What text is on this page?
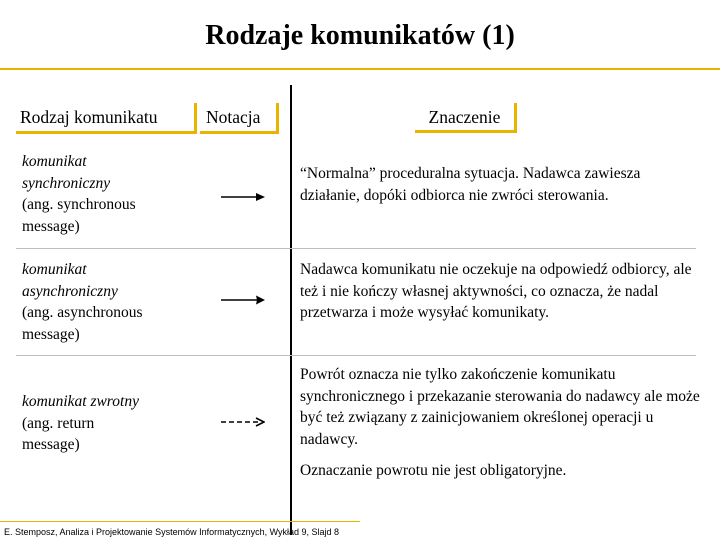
Rodzaje komunikatów (1)
Rodzaj komunikatu	Notacja	Znaczenie
komunikat
synchroniczny
(ang. synchronous
message)
“Normalna” proceduralna sytuacja. Nadawca zawiesza działanie, dopóki odbiorca nie zwróci sterowania.
komunikat
asynchroniczny
(ang. asynchronous
message)
Nadawca komunikatu nie oczekuje na odpowiedź odbiorcy, ale też i nie kończy własnej aktywności, co oznacza, że nadal przetwarza i może wysyłać komunikaty.
komunikat zwrotny
(ang. return
message)
Powrót oznacza nie tylko zakończenie komunikatu synchronicznego i przekazanie sterowania do nadawcy ale może być też związany z zainicjowaniem określonej operacji u nadawcy.
Oznaczanie powrotu nie jest obligatoryjne.
E. Stemposz, Analiza i Projektowanie Systemów Informatycznych, Wykład 9, Slajd 8
